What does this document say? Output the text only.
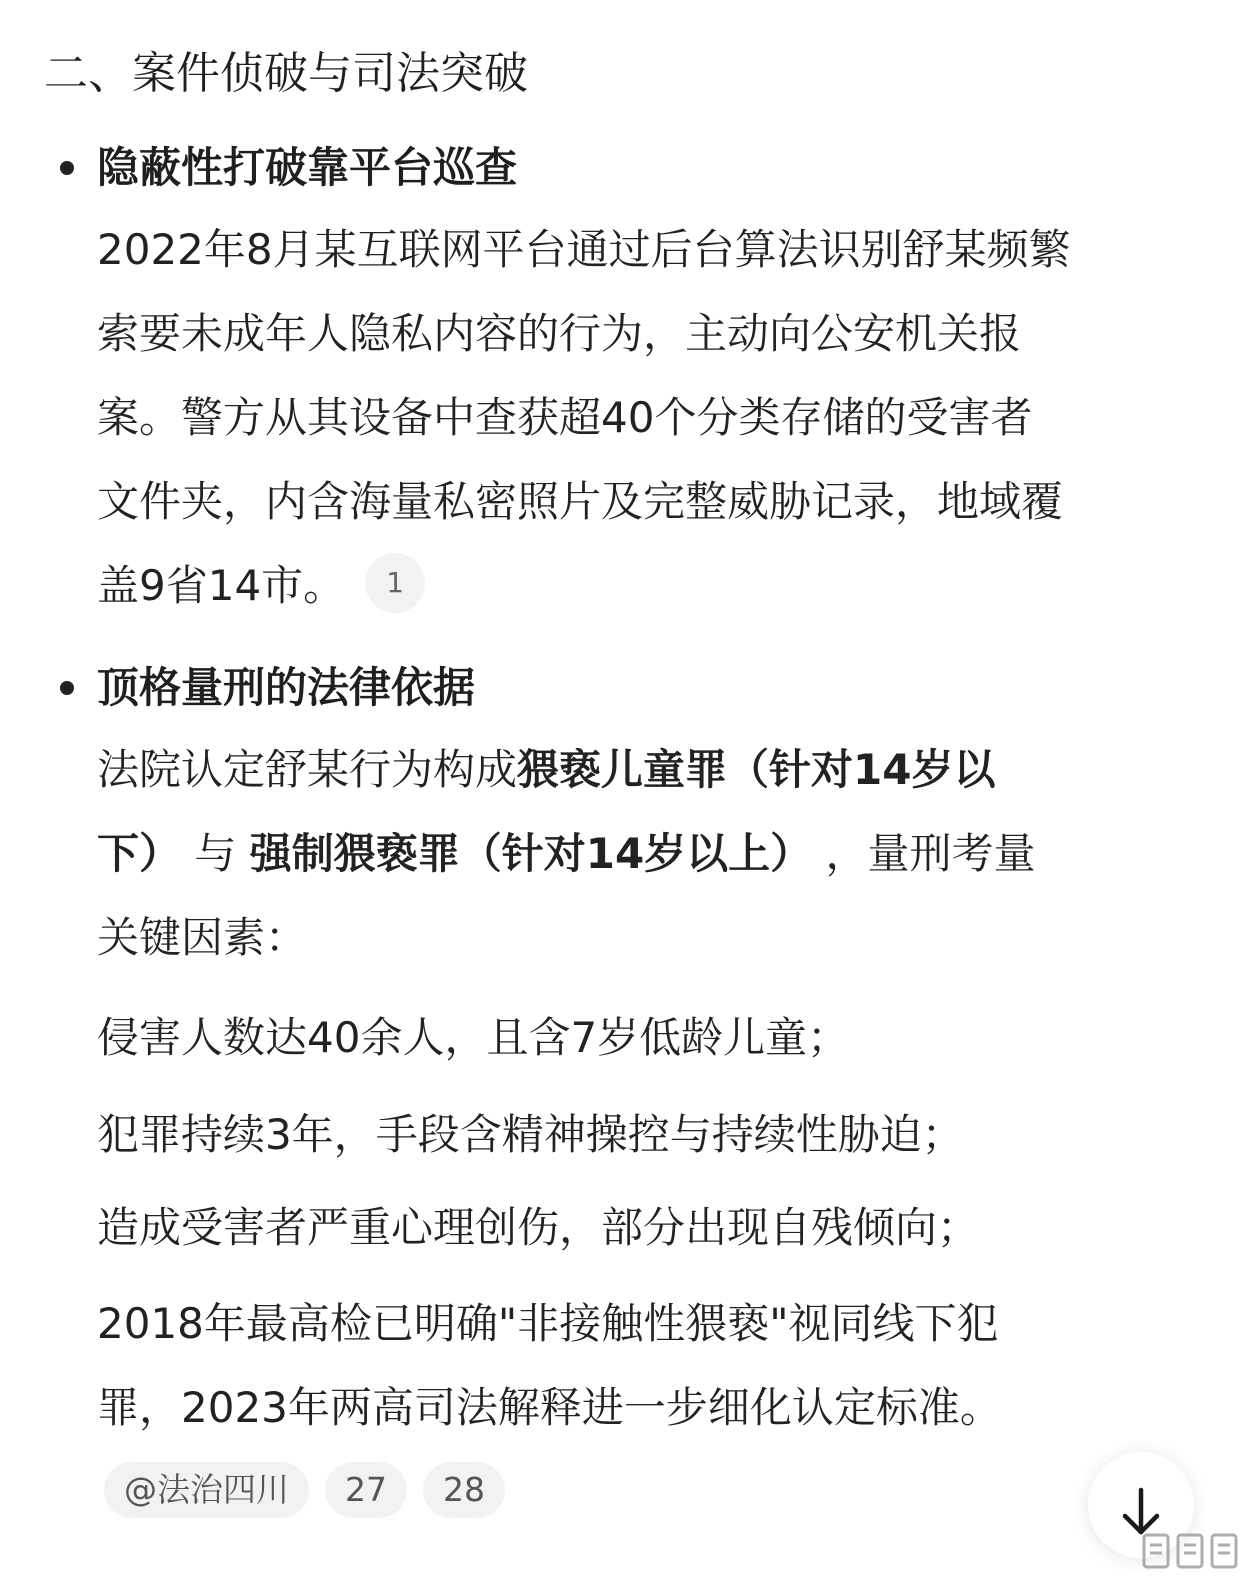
二、案件侦破与司法突破
隐蔽性打破靠平台巡查
2022年8月某互联网平台通过后台算法识别舒某频繁
索要未成年人隐私内容的行为，主动向公安机关报
案。警方从其设备中查获超40个分类存储的受害者
文件夹，内含海量私密照片及完整威胁记录，地域覆
盖9省14市。 1
顶格量刑的法律依据
法院认定舒某行为构成猥亵儿童罪（针对14岁以
下） 与 强制猥亵罪（针对14岁以上） ，量刑考量
关键因素：

侵害人数达40余人，且含7岁低龄儿童；

犯罪持续3年，手段含精神操控与持续性胁迫；

造成受害者严重心理创伤，部分出现自残倾向；

2018年最高检已明确"非接触性猥亵"视同线下犯
罪，2023年两高司法解释进一步细化认定标准。
@法治四川	27	28
